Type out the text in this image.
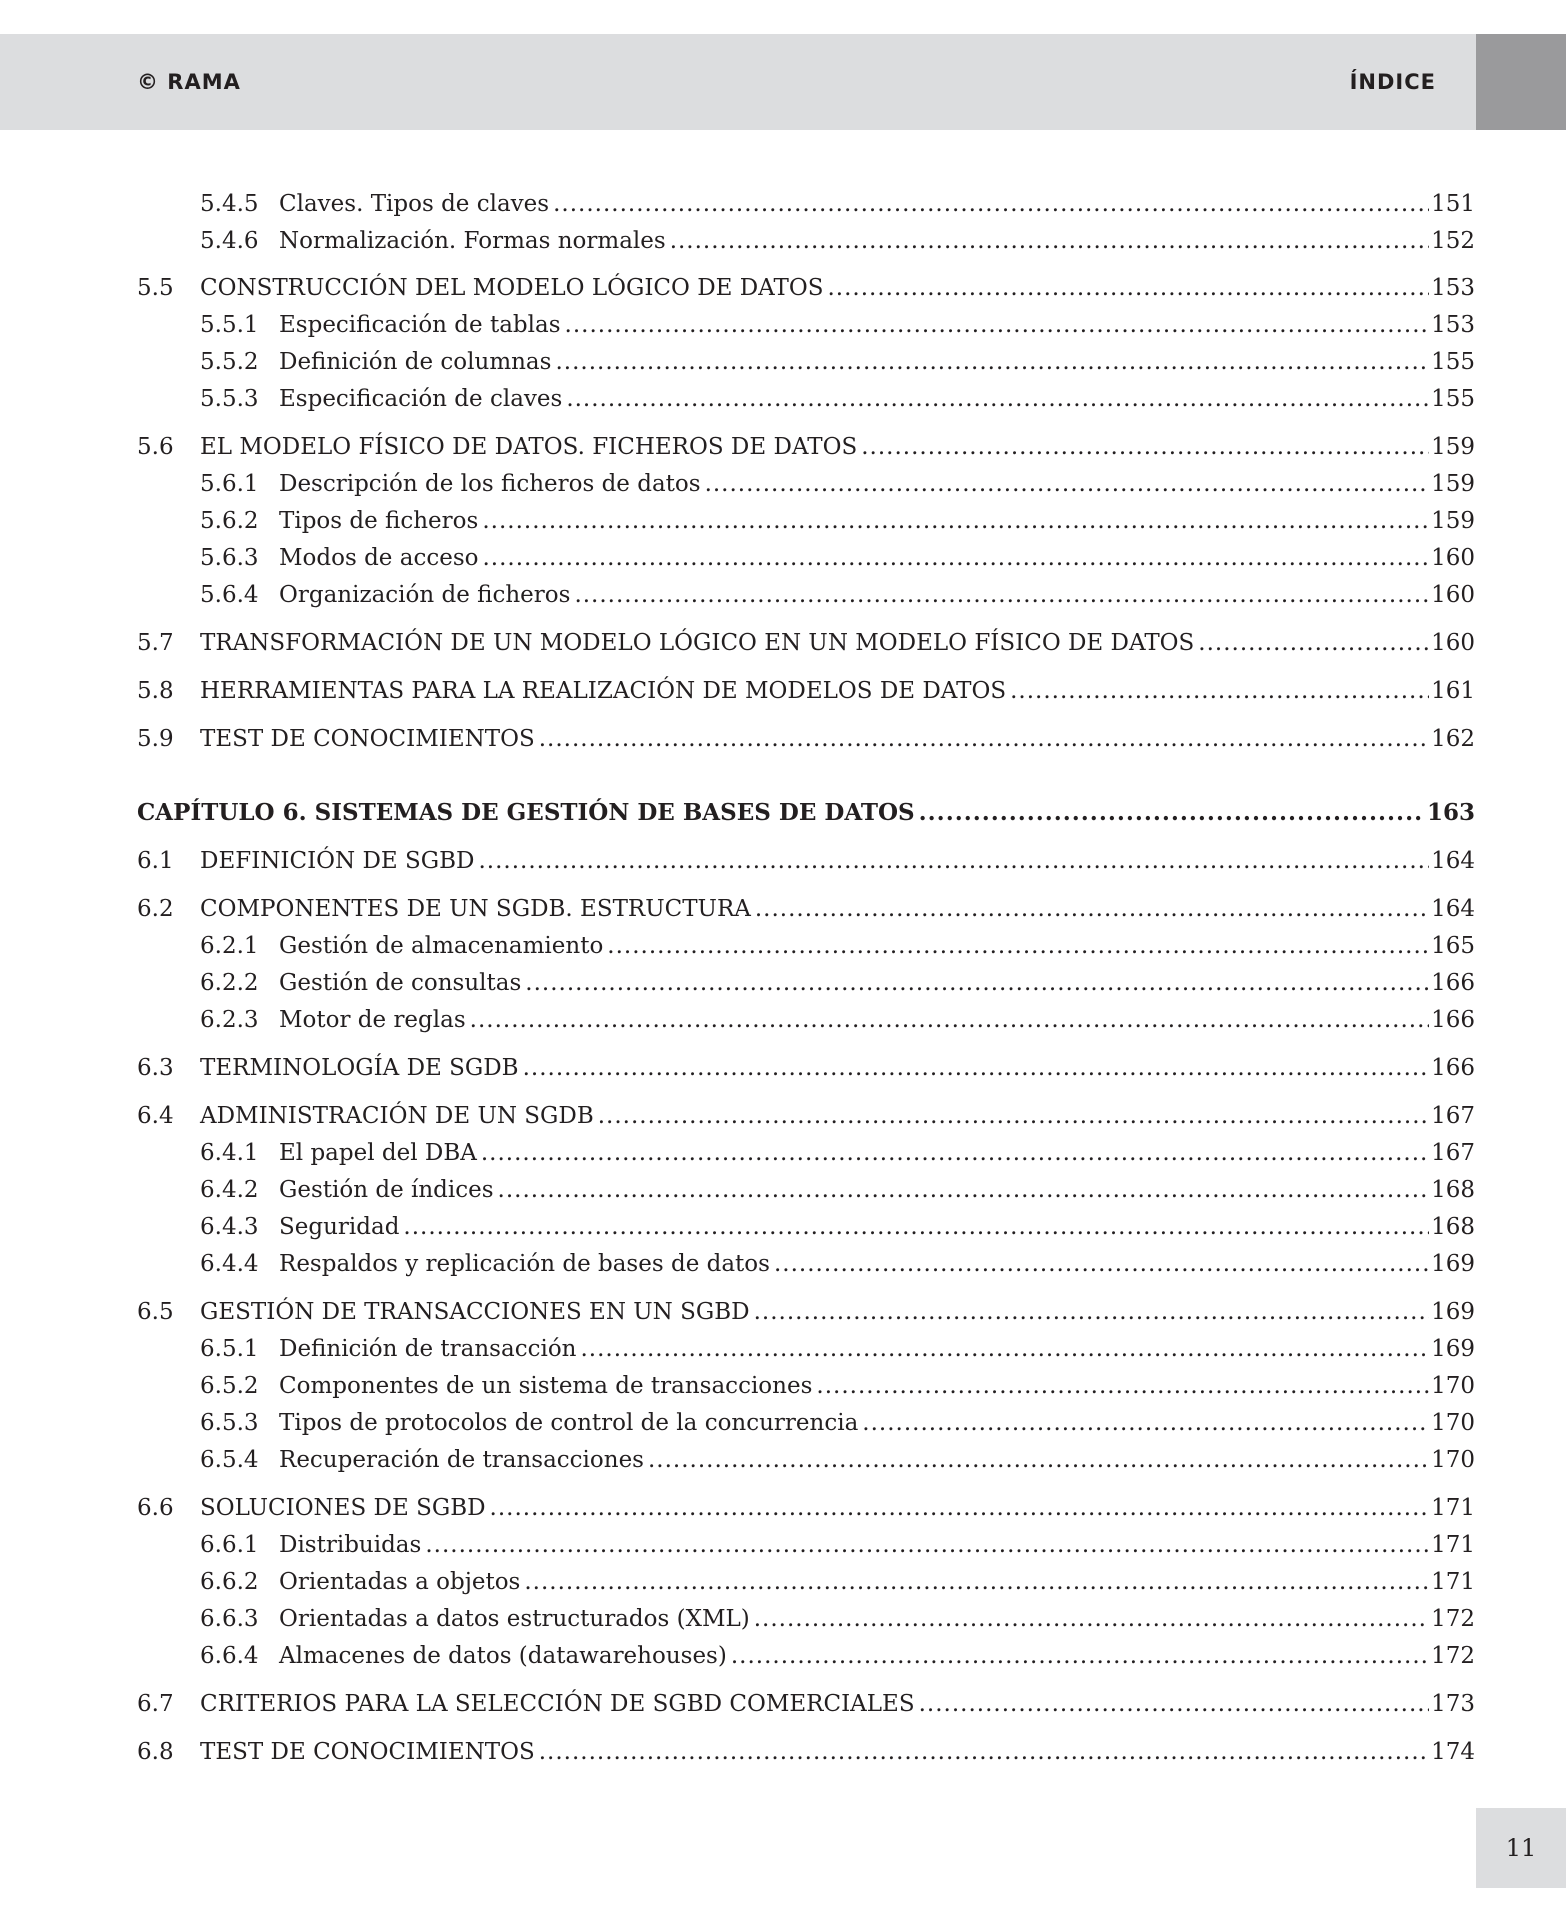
© RAMA	ÍNDICE
5.4.5 Claves. Tipos de claves .....	151
5.4.6 Normalización. Formas normales .....	152
5.5 CONSTRUCCIÓN DEL MODELO LÓGICO DE DATOS .....	153
5.5.1 Especificación de tablas .....	153
5.5.2 Definición de columnas .....	155
5.5.3 Especificación de claves .....	155
5.6 EL MODELO FÍSICO DE DATOS. FICHEROS DE DATOS .....	159
5.6.1 Descripción de los ficheros de datos .....	159
5.6.2 Tipos de ficheros .....	159
5.6.3 Modos de acceso .....	160
5.6.4 Organización de ficheros .....	160
5.7 TRANSFORMACIÓN DE UN MODELO LÓGICO EN UN MODELO FÍSICO DE DATOS .....	160
5.8 HERRAMIENTAS PARA LA REALIZACIÓN DE MODELOS DE DATOS .....	161
5.9 TEST DE CONOCIMIENTOS .....	162
CAPÍTULO 6. SISTEMAS DE GESTIÓN DE BASES DE DATOS .....	163
6.1 DEFINICIÓN DE SGBD .....	164
6.2 COMPONENTES DE UN SGDB. ESTRUCTURA .....	164
6.2.1 Gestión de almacenamiento .....	165
6.2.2 Gestión de consultas .....	166
6.2.3 Motor de reglas .....	166
6.3 TERMINOLOGÍA DE SGDB .....	166
6.4 ADMINISTRACIÓN DE UN SGDB .....	167
6.4.1 El papel del DBA .....	167
6.4.2 Gestión de índices .....	168
6.4.3 Seguridad .....	168
6.4.4 Respaldos y replicación de bases de datos .....	169
6.5 GESTIÓN DE TRANSACCIONES EN UN SGBD .....	169
6.5.1 Definición de transacción .....	169
6.5.2 Componentes de un sistema de transacciones .....	170
6.5.3 Tipos de protocolos de control de la concurrencia .....	170
6.5.4 Recuperación de transacciones .....	170
6.6 SOLUCIONES DE SGBD .....	171
6.6.1 Distribuidas .....	171
6.6.2 Orientadas a objetos .....	171
6.6.3 Orientadas a datos estructurados (XML) .....	172
6.6.4 Almacenes de datos (datawarehouses) .....	172
6.7 CRITERIOS PARA LA SELECCIÓN DE SGBD COMERCIALES .....	173
6.8 TEST DE CONOCIMIENTOS .....	174
11
